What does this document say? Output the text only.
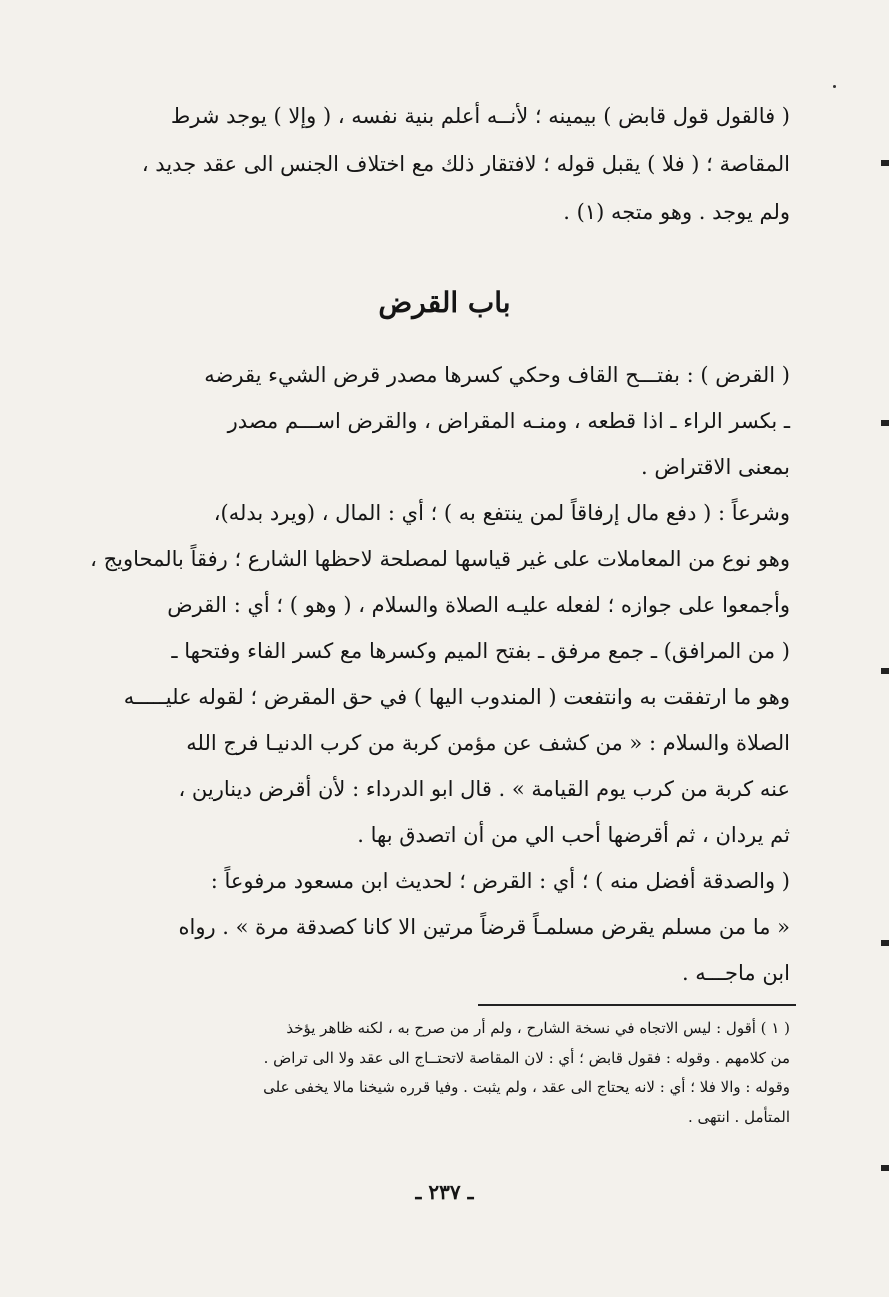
( فالقول قول قابض ) بيمينه ؛ لأنــه أعلم بنية نفسه ، ( وإلا ) يوجد شرط
المقاصة ؛ ( فلا ) يقبل قوله ؛ لافتقار ذلك مع اختلاف الجنس الى عقد جديد ،
ولم يوجد . وهو متجه (١) .
باب القرض
( القرض ) : بفتـــح القاف وحكي كسرها مصدر قرض الشيء يقرضه
ـ بكسر الراء ـ اذا قطعه ، ومنـه المقراض ، والقرض اســـم مصدر
بمعنى الاقتراض .
وشرعاً : ( دفع مال إرفاقاً لمن ينتفع به ) ؛ أي : المال ، (ويرد بدله)،
وهو نوع من المعاملات على غير قياسها لمصلحة لاحظها الشارع ؛ رفقاً بالمحاويج ،
وأجمعوا على جوازه ؛ لفعله عليـه الصلاة والسلام ، ( وهو ) ؛ أي : القرض
( من المرافق) ـ جمع مرفق ـ بفتح الميم وكسرها مع كسر الفاء وفتحها ـ
وهو ما ارتفقت به وانتفعت ( المندوب اليها ) في حق المقرض ؛ لقوله عليـــــه
الصلاة والسلام : « من كشف عن مؤمن كربة من كرب الدنيـا فرج الله
عنه كربة من كرب يوم القيامة » . قال ابو الدرداء : لأن أقرض دينارين ،
ثم يردان ، ثم أقرضها أحب الي من أن اتصدق بها .
( والصدقة أفضل منه ) ؛ أي : القرض ؛ لحديث ابن مسعود مرفوعاً :
« ما من مسلم يقرض مسلمـاً قرضاً مرتين الا كانا كصدقة مرة » . رواه
ابن ماجـــه .
( ١ ) أقول : ليس الاتجاه في نسخة الشارح ، ولم أر من صرح به ، لكنه ظاهر يؤخذ
من كلامهم . وقوله : فقول قابض ؛ أي : لان المقاصة لاتحتــاج الى عقد ولا الى تراض .
وقوله : والا فلا ؛ أي : لانه يحتاج الى عقد ، ولم يثبت . وفيا قرره شيخنا مالا يخفى على
المتأمل . انتهى .
ـ ٢٣٧ ـ
